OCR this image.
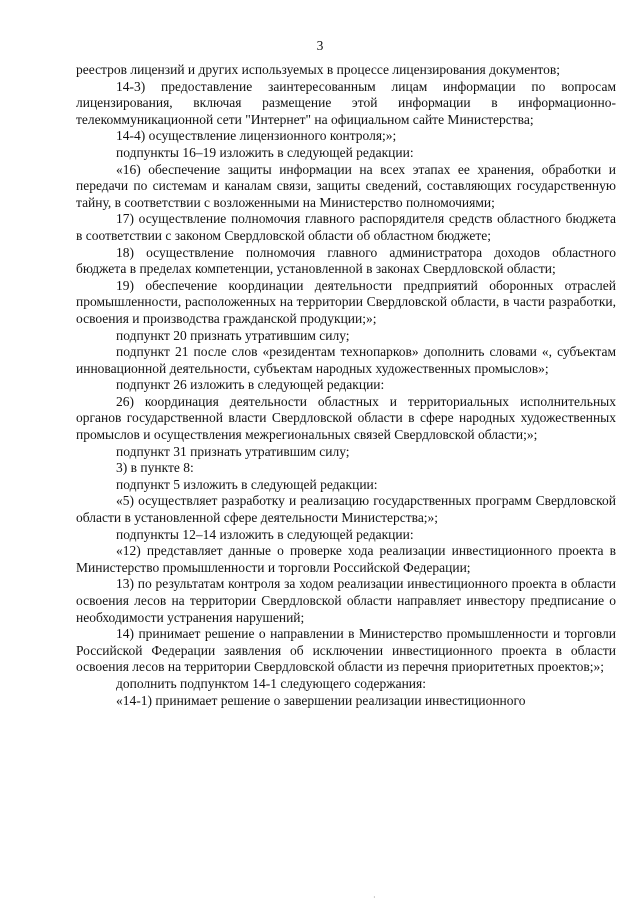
3

реестров лицензий и других используемых в процессе лицензирования документов;

14-3) предоставление заинтересованным лицам информации по вопросам лицензирования, включая размещение этой информации в информационно-телекоммуникационной сети "Интернет" на официальном сайте Министерства;

14-4) осуществление лицензионного контроля;»;

подпункты 16–19 изложить в следующей редакции:

«16) обеспечение защиты информации на всех этапах ее хранения, обработки и передачи по системам и каналам связи, защиты сведений, составляющих государственную тайну, в соответствии с возложенными на Министерство полномочиями;

17) осуществление полномочия главного распорядителя средств областного бюджета в соответствии с законом Свердловской области об областном бюджете;

18) осуществление полномочия главного администратора доходов областного бюджета в пределах компетенции, установленной в законах Свердловской области;

19) обеспечение координации деятельности предприятий оборонных отраслей промышленности, расположенных на территории Свердловской области, в части разработки, освоения и производства гражданской продукции;»;

подпункт 20 признать утратившим силу;

подпункт 21 после слов «резидентам технопарков» дополнить словами «, субъектам инновационной деятельности, субъектам народных художественных промыслов»;

подпункт 26 изложить в следующей редакции:

26) координация деятельности областных и территориальных исполнительных органов государственной власти Свердловской области в сфере народных художественных промыслов и осуществления межрегиональных связей Свердловской области;»;

подпункт 31 признать утратившим силу;

3) в пункте 8:

подпункт 5 изложить в следующей редакции:

«5) осуществляет разработку и реализацию государственных программ Свердловской области в установленной сфере деятельности Министерства;»;

подпункты 12–14 изложить в следующей редакции:

«12) представляет данные о проверке хода реализации инвестиционного проекта в Министерство промышленности и торговли Российской Федерации;

13) по результатам контроля за ходом реализации инвестиционного проекта в области освоения лесов на территории Свердловской области направляет инвестору предписание о необходимости устранения нарушений;

14) принимает решение о направлении в Министерство промышленности и торговли Российской Федерации заявления об исключении инвестиционного проекта в области освоения лесов на территории Свердловской области из перечня приоритетных проектов;»;

дополнить подпунктом 14-1 следующего содержания:

«14-1) принимает решение о завершении реализации инвестиционного

·
